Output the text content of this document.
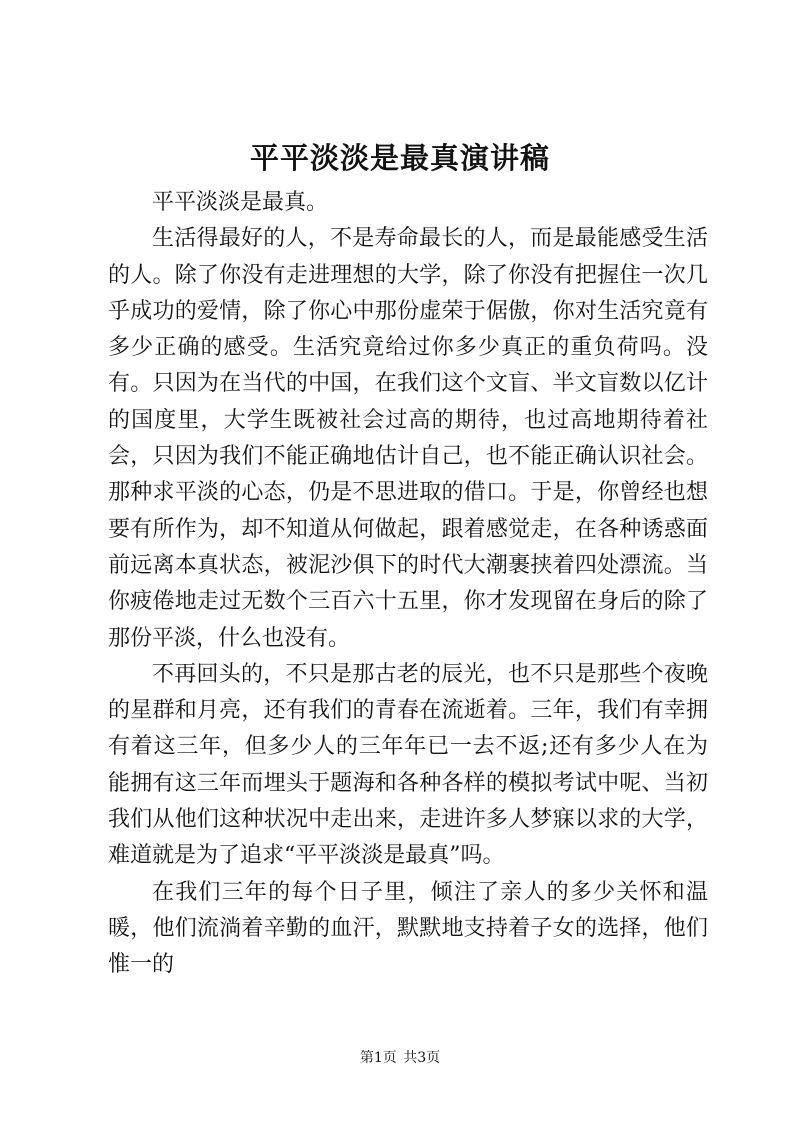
平平淡淡是最真演讲稿

平平淡淡是最真。

生活得最好的人，不是寿命最长的人，而是最能感受生活的人。除了你没有走进理想的大学，除了你没有把握住一次几乎成功的爱情，除了你心中那份虚荣于倨傲，你对生活究竟有多少正确的感受。生活究竟给过你多少真正的重负荷吗。没有。只因为在当代的中国，在我们这个文盲、半文盲数以亿计的国度里，大学生既被社会过高的期待，也过高地期待着社会，只因为我们不能正确地估计自己，也不能正确认识社会。那种求平淡的心态，仍是不思进取的借口。于是，你曾经也想要有所作为，却不知道从何做起，跟着感觉走，在各种诱惑面前远离本真状态，被泥沙俱下的时代大潮裹挟着四处漂流。当你疲倦地走过无数个三百六十五里，你才发现留在身后的除了那份平淡，什么也没有。

不再回头的，不只是那古老的辰光，也不只是那些个夜晚的星群和月亮，还有我们的青春在流逝着。三年，我们有幸拥有着这三年，但多少人的三年年已一去不返;还有多少人在为能拥有这三年而埋头于题海和各种各样的模拟考试中呢、当初我们从他们这种状况中走出来，走进许多人梦寐以求的大学，难道就是为了追求“平平淡淡是最真”吗。

在我们三年的每个日子里，倾注了亲人的多少关怀和温暖，他们流淌着辛勤的血汗，默默地支持着子女的选择，他们惟一的

第1页 共3页
